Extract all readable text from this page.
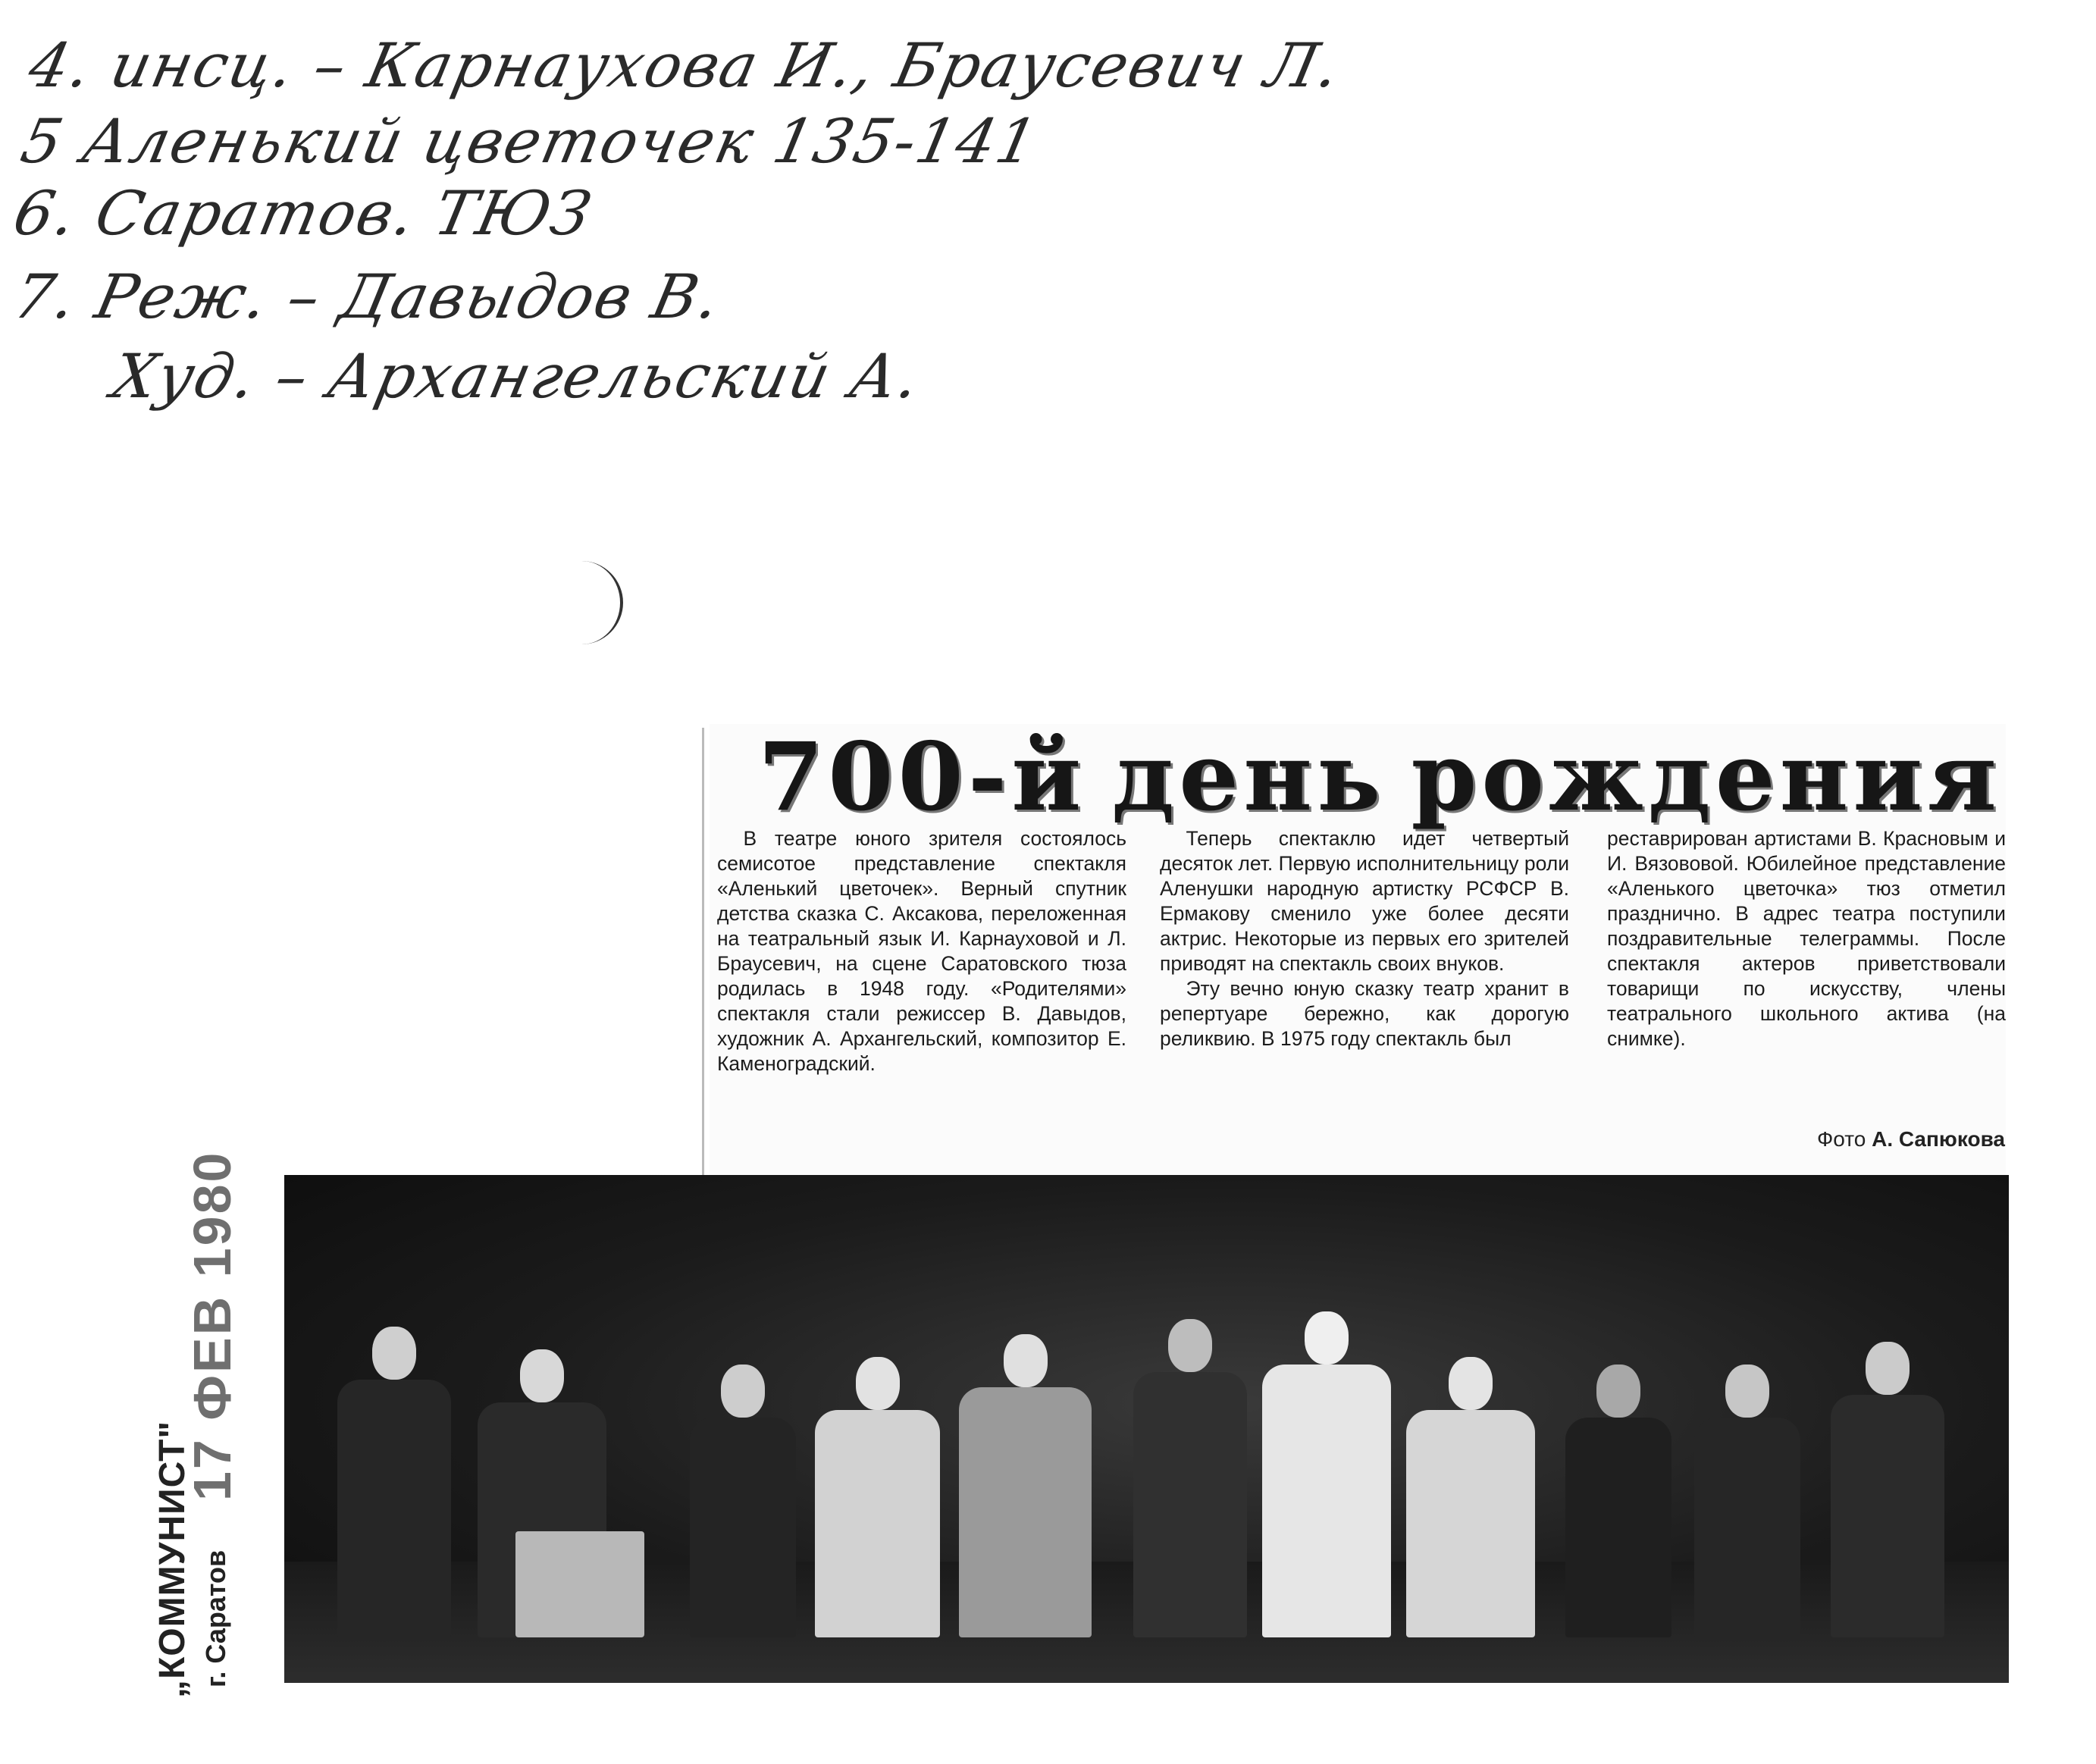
4. инсц. – Карнаухова И., Браусевич Л.
5 Аленький цветочек 135-141
6. Саратов. ТЮЗ
7. Реж. – Давыдов В.
Худ. – Архангельский А.
700-й день рождения

В театре юного зрителя состоялось семисотое представление спектакля «Аленький цветочек». Верный спутник детства сказка С. Аксакова, переложенная на театральный язык И. Карнауховой и Л. Браусевич, на сцене Саратовского тюза родилась в 1948 году. «Родителями» спектакля стали режиссер В. Давыдов, художник А. Архангельский, композитор Е. Каменоградский.

Теперь спектаклю идет четвертый десяток лет. Первую исполнительницу роли Аленушки народную артистку РСФСР В. Ермакову сменило уже более десяти актрис. Некоторые из первых его зрителей приводят на спектакль своих внуков.

Эту вечно юную сказку театр хранит в репертуаре бережно, как дорогую реликвию. В 1975 году спектакль был

реставрирован артистами В. Красновым и И. Вязововой. Юбилейное представление «Аленького цветочка» тюз отметил празднично. В адрес театра поступили поздравительные телеграммы. После спектакля актеров приветствовали товарищи по искусству, члены театрального школьного актива (на снимке).

Фото А. Сапюкова
„КОММУНИСТ" г. Саратов
17 ФЕВ 1980
